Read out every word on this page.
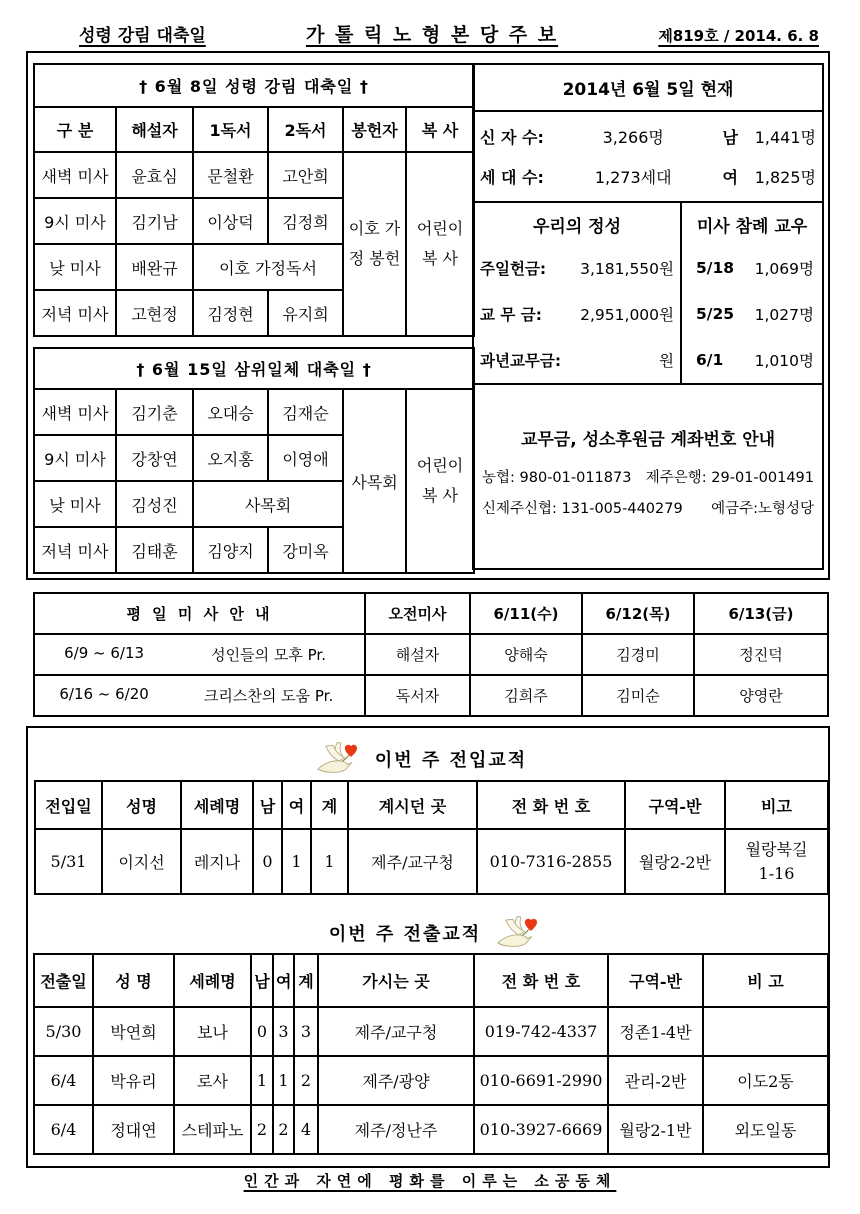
성령 강림 대축일	가 톨 릭 노 형 본 당 주 보	제819호 / 2014. 6. 8
† 6월 8일 성령 강림 대축일 †					
구 분	해설자	1독서	2독서	봉헌자	복 사
새벽 미사	윤효심	문철환	고안희	이호 가정 봉헌	어린이 복 사
9시 미사	김기남	이상덕	김정희		
낮 미사	배완규	이호 가정독서			
저녁 미사	고현정	김정현	유지희		
† 6월 15일 삼위일체 대축일 †					
새벽 미사	김기춘	오대승	김재순	사목회	어린이 복 사
9시 미사	강창연	오지홍	이영애		
낮 미사	김성진	사목회			
저녁 미사	김태훈	김양지	강미옥		
2014년 6월 5일 현재
신 자 수:	3,266명	남	1,441명
세 대 수:	1,273세대	여	1,825명
우리의 정성
주일헌금: 3,181,550원
교 무 금: 2,951,000원
과년교무금:	원
미사 참례 교우
5/18 1,069명
5/25 1,027명
6/1 1,010명
교무금, 성소후원금 계좌번호 안내
농협: 980-01-011873 제주은행: 29-01-001491
신제주신협: 131-005-440279 예금주:노형성당
평 일 미 사 안 내	오전미사	6/11(수)	6/12(목)	6/13(금)

6/9 ~ 6/13 성인들의 모후 Pr.	해설자	양해숙	김경미	정진덕

6/16 ~ 6/20 크리스찬의 도움 Pr.	독서자	김희주	김미순	양영란
이번 주 전입교적
전입일	성명	세례명	남	여	계	계시던 곳	전 화 번 호	구역-반	비고
5/31	이지선	레지나	0	1	1	제주/교구청	010-7316-2855	월랑2-2반	월랑북길 1-16
이번 주 전출교적
전출일	성 명	세례명	남	여	계	가시는 곳	전 화 번 호	구역-반	비 고
5/30	박연희	보나	0	3	3	제주/교구청	019-742-4337	정존1-4반	
6/4	박유리	로사	1	1	2	제주/광양	010-6691-2990	관리-2반	이도2동
6/4	정대연	스테파노	2	2	4	제주/정난주	010-3927-6669	월랑2-1반	외도일동
인간과 자연에 평화를 이루는 소공동체
